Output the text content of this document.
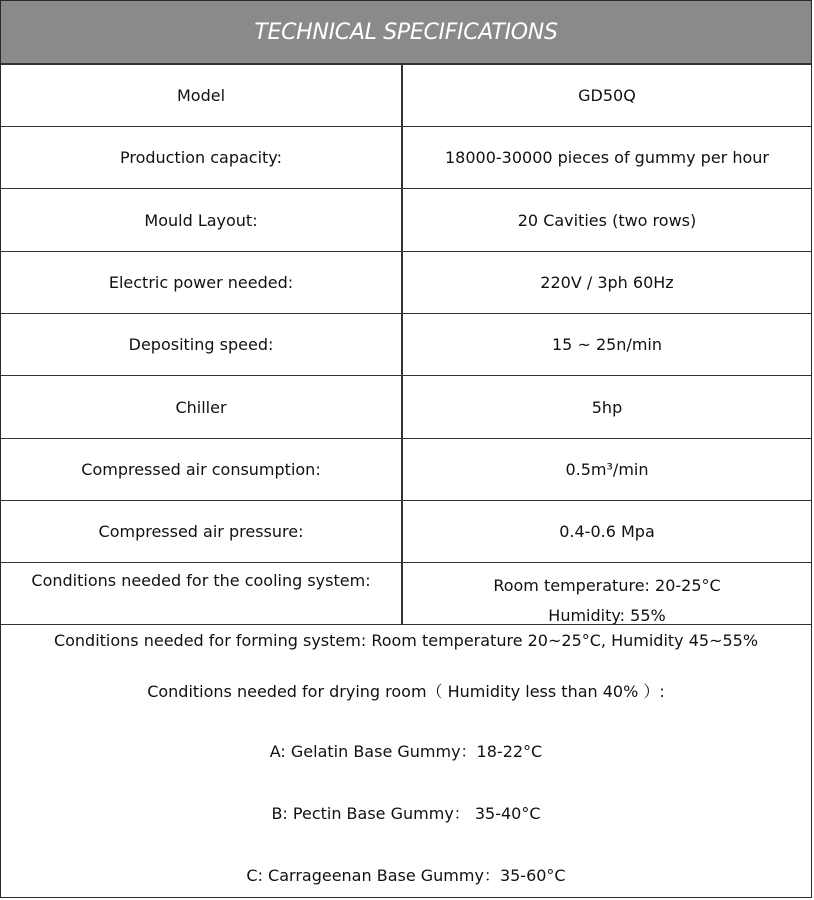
TECHNICAL SPECIFICATIONS
Model	GD50Q
Production capacity:	18000-30000 pieces of gummy per hour
Mould Layout:	20 Cavities (two rows)
Electric power needed:	220V / 3ph 60Hz
Depositing speed:	15 ~ 25n/min
Chiller	5hp
Compressed air consumption:	0.5m³/min
Compressed air pressure:	0.4-0.6 Mpa
Conditions needed for the cooling system:	Room temperature: 20-25°C
Humidity: 55%
Conditions needed for forming system: Room temperature 20~25°C, Humidity 45~55%
Conditions needed for drying room（ Humidity less than 40% ）:
A: Gelatin Base Gummy：18-22°C
B: Pectin Base Gummy： 35-40°C
C: Carrageenan Base Gummy：35-60°C
